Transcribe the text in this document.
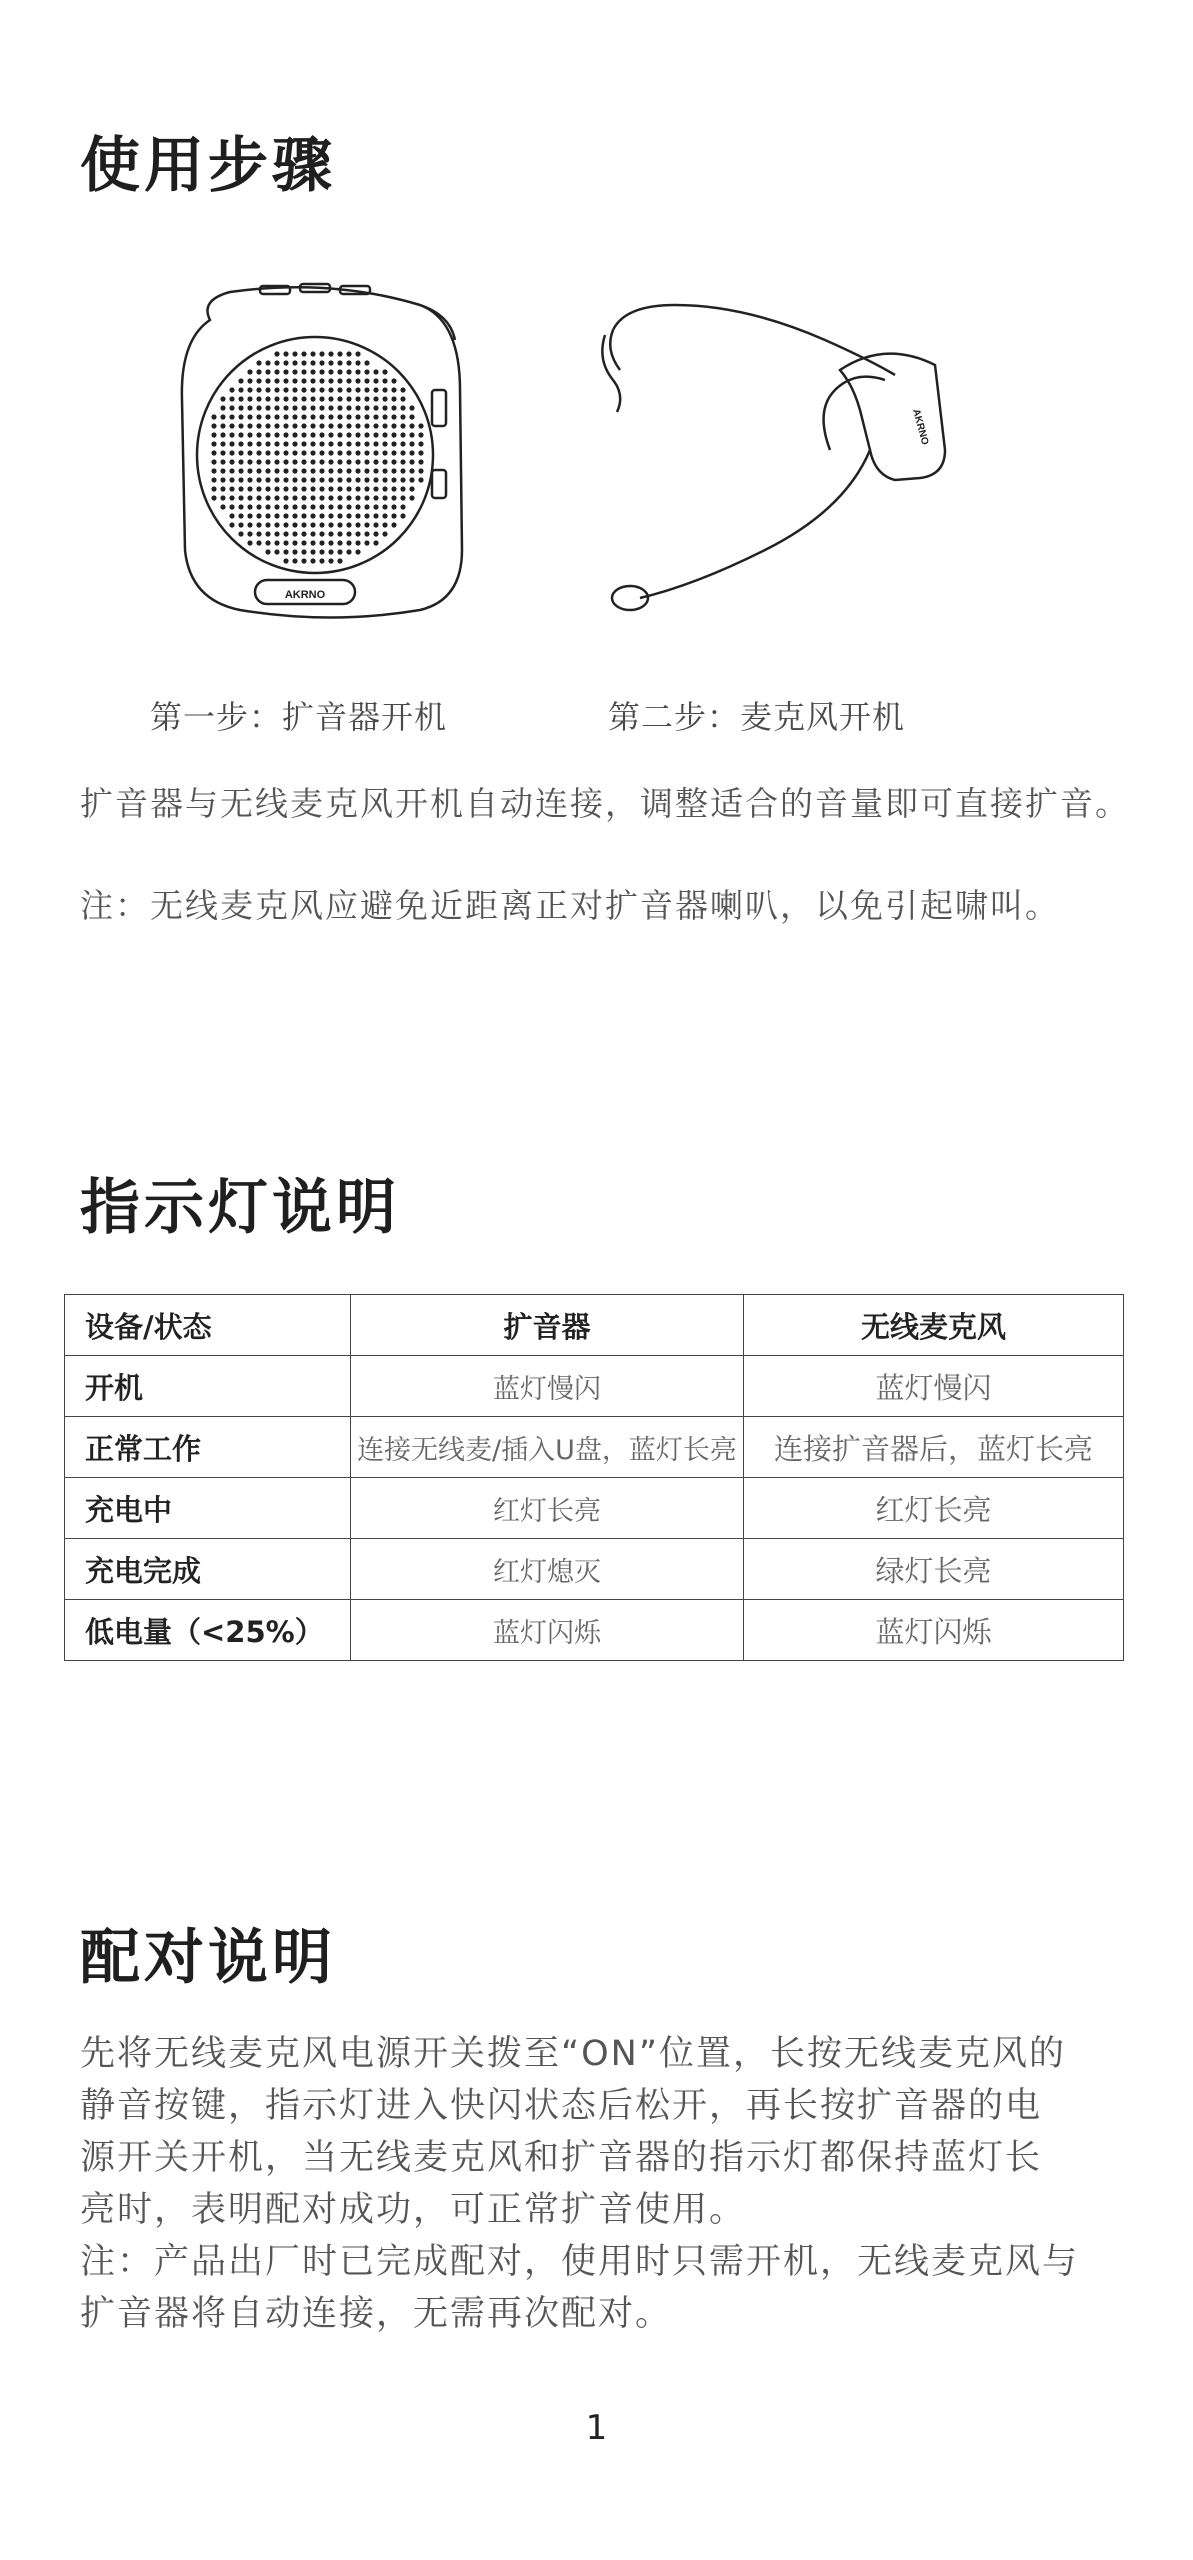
使用步骤
AKRNO
AKRNO
第一步：扩音器开机	第二步：麦克风开机

扩音器与无线麦克风开机自动连接，调整适合的音量即可直接扩音。

注：无线麦克风应避免近距离正对扩音器喇叭，以免引起啸叫。

指示灯说明
设备/状态	扩音器	无线麦克风
开机	蓝灯慢闪	蓝灯慢闪
正常工作	连接无线麦/插入U盘，蓝灯长亮	连接扩音器后，蓝灯长亮
充电中	红灯长亮	红灯长亮
充电完成	红灯熄灭	绿灯长亮
低电量（<25%）	蓝灯闪烁	蓝灯闪烁
配对说明
先将无线麦克风电源开关拨至“ON”位置，长按无线麦克风的
静音按键，指示灯进入快闪状态后松开，再长按扩音器的电
源开关开机，当无线麦克风和扩音器的指示灯都保持蓝灯长
亮时，表明配对成功，可正常扩音使用。
注：产品出厂时已完成配对，使用时只需开机，无线麦克风与
扩音器将自动连接，无需再次配对。
1
